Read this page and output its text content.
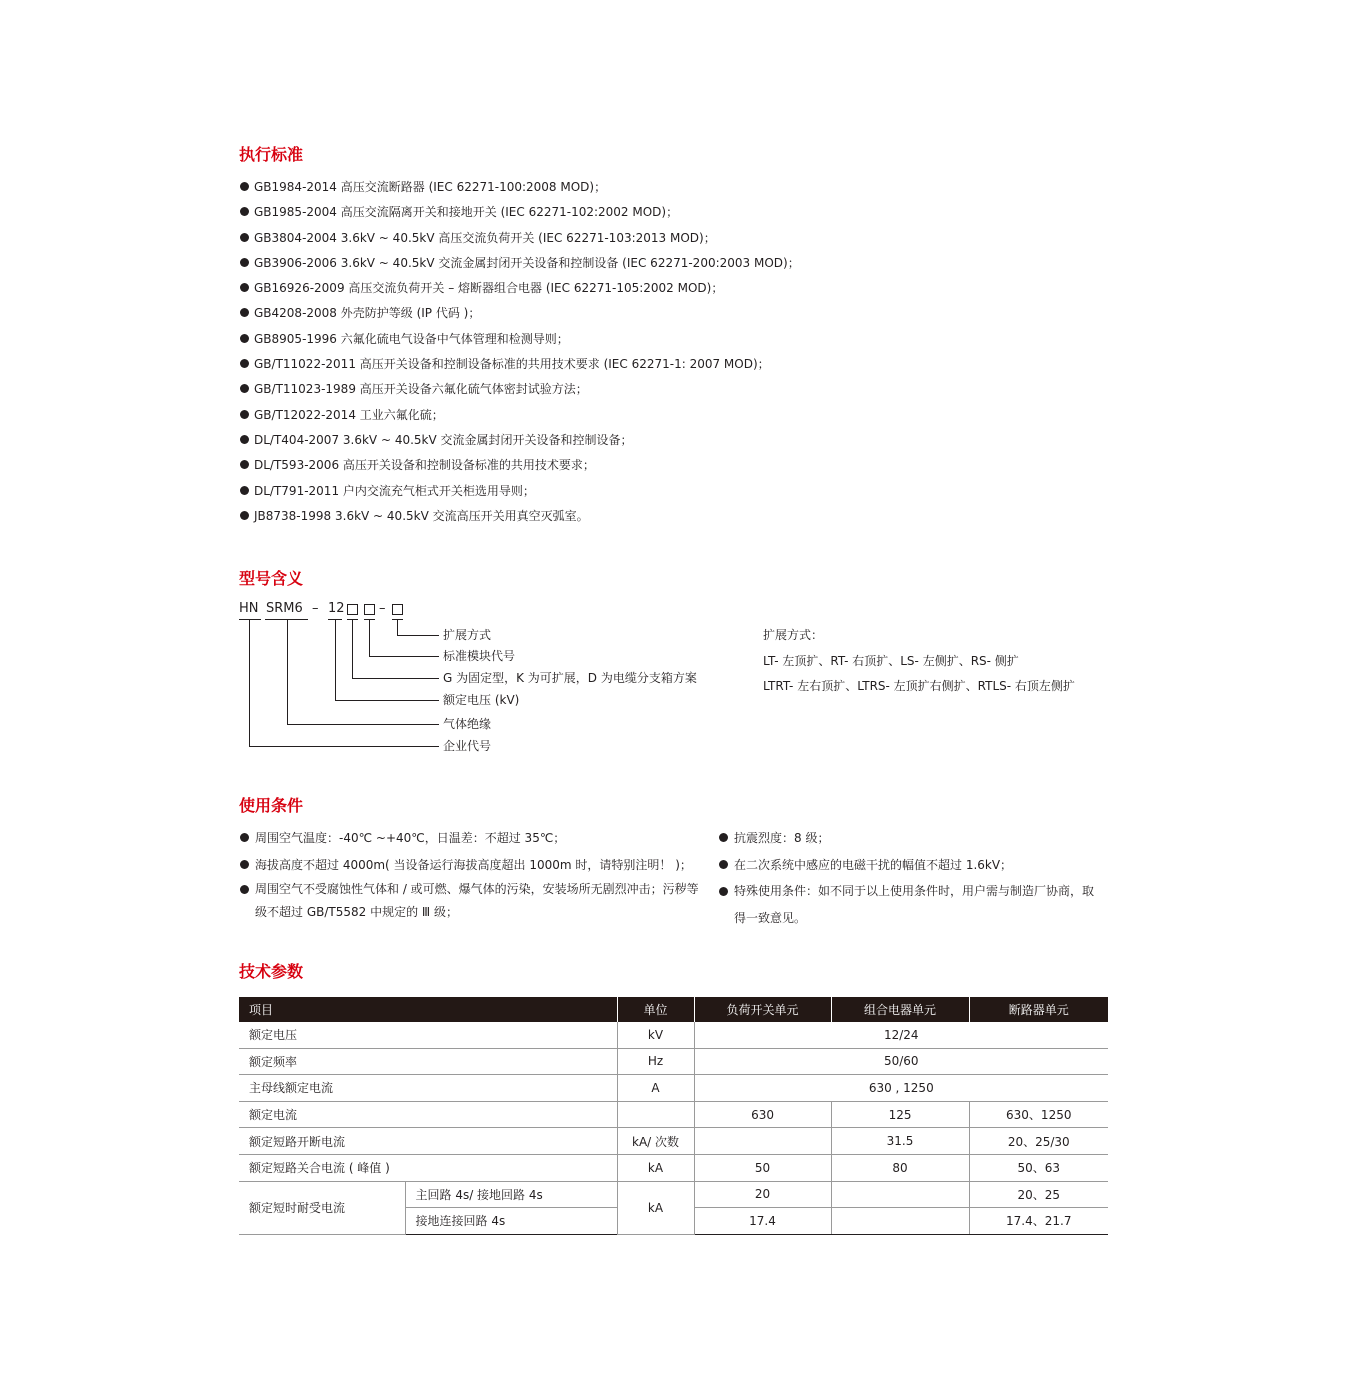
执行标准
GB1984-2014 高压交流断路器 (IEC 62271-100:2008 MOD)；
GB1985-2004 高压交流隔离开关和接地开关 (IEC 62271-102:2002 MOD)；
GB3804-2004 3.6kV ~ 40.5kV 高压交流负荷开关 (IEC 62271-103:2013 MOD)；
GB3906-2006 3.6kV ~ 40.5kV 交流金属封闭开关设备和控制设备 (IEC 62271-200:2003 MOD)；
GB16926-2009 高压交流负荷开关 – 熔断器组合电器 (IEC 62271-105:2002 MOD)；
GB4208-2008 外壳防护等级 (IP 代码 )；
GB8905-1996 六氟化硫电气设备中气体管理和检测导则；
GB/T11022-2011 高压开关设备和控制设备标准的共用技术要求 (IEC 62271-1: 2007 MOD)；
GB/T11023-1989 高压开关设备六氟化硫气体密封试验方法；
GB/T12022-2014 工业六氟化硫；
DL/T404-2007 3.6kV ~ 40.5kV 交流金属封闭开关设备和控制设备；
DL/T593-2006 高压开关设备和控制设备标准的共用技术要求；
DL/T791-2011 户内交流充气柜式开关柜选用导则；
JB8738-1998 3.6kV ~ 40.5kV 交流高压开关用真空灭弧室。
型号含义
HN SRM6 – 12	–
扩展方式
标准模块代号
G 为固定型，K 为可扩展，D 为电缆分支箱方案
额定电压 (kV)
气体绝缘
企业代号
扩展方式：
LT- 左顶扩、RT- 右顶扩、LS- 左侧扩、RS- 侧扩
LTRT- 左右顶扩、LTRS- 左顶扩右侧扩、RTLS- 右顶左侧扩
使用条件
周围空气温度：-40℃ ~+40℃，日温差：不超过 35℃；
海拔高度不超过 4000m( 当设备运行海拔高度超出 1000m 时，请特别注明！ )；
周围空气不受腐蚀性气体和 / 或可燃、爆气体的污染，安装场所无剧烈冲击；污秽等级不超过 GB/T5582 中规定的 Ⅲ 级；
抗震烈度：8 级；
在二次系统中感应的电磁干扰的幅值不超过 1.6kV；
特殊使用条件：如不同于以上使用条件时，用户需与制造厂协商，取得一致意见。
技术参数
项目		单位	负荷开关单元	组合电器单元	断路器单元
额定电压		kV	12/24		
额定频率		Hz	50/60		
主母线额定电流		A	630 , 1250		
额定电流			630	125	630、1250
额定短路开断电流		kA/ 次数		31.5	20、25/30
额定短路关合电流 ( 峰值 )		kA	50	80	50、63
额定短时耐受电流	主回路 4s/ 接地回路 4s	kA	20		20、25
	接地连接回路 4s		17.4		17.4、21.7
